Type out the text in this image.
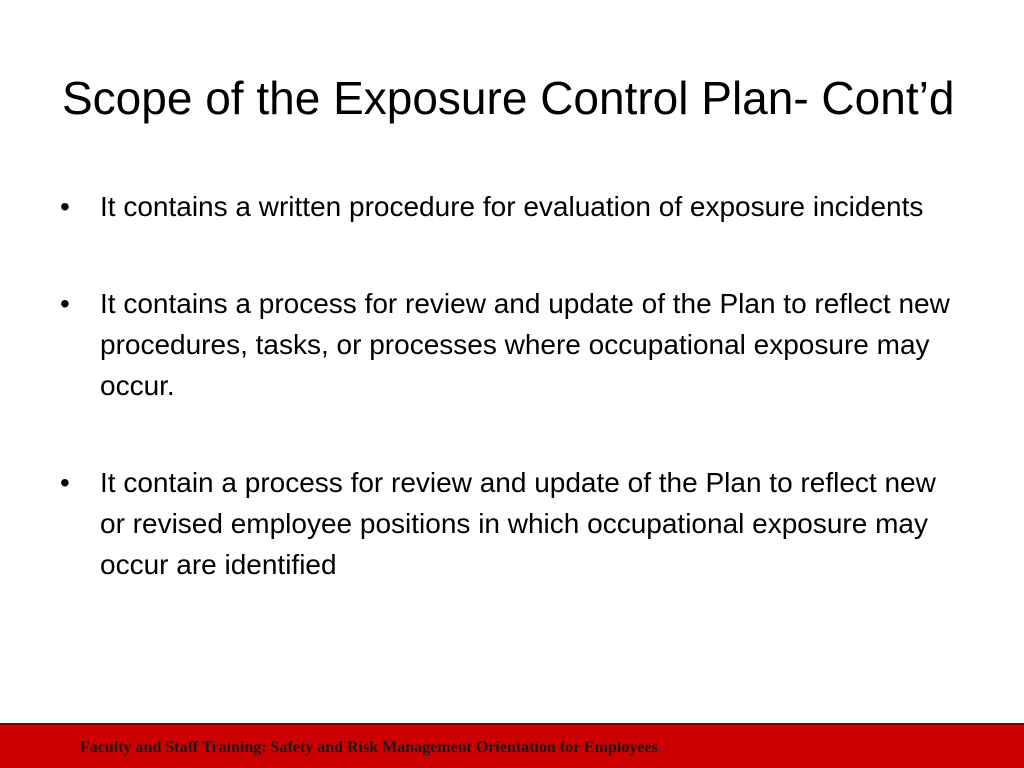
Scope of the Exposure Control Plan- Cont’d
•	It contains a written procedure for evaluation of exposure incidents
•	It contains a process for review and update of the Plan to reflect new procedures, tasks, or processes where occupational exposure may occur.
•	It contain a process for review and update of the Plan to reflect new or revised employee positions in which occupational exposure may occur are identified
Faculty and Staff Training: Safety and Risk Management Orientation for Employees
